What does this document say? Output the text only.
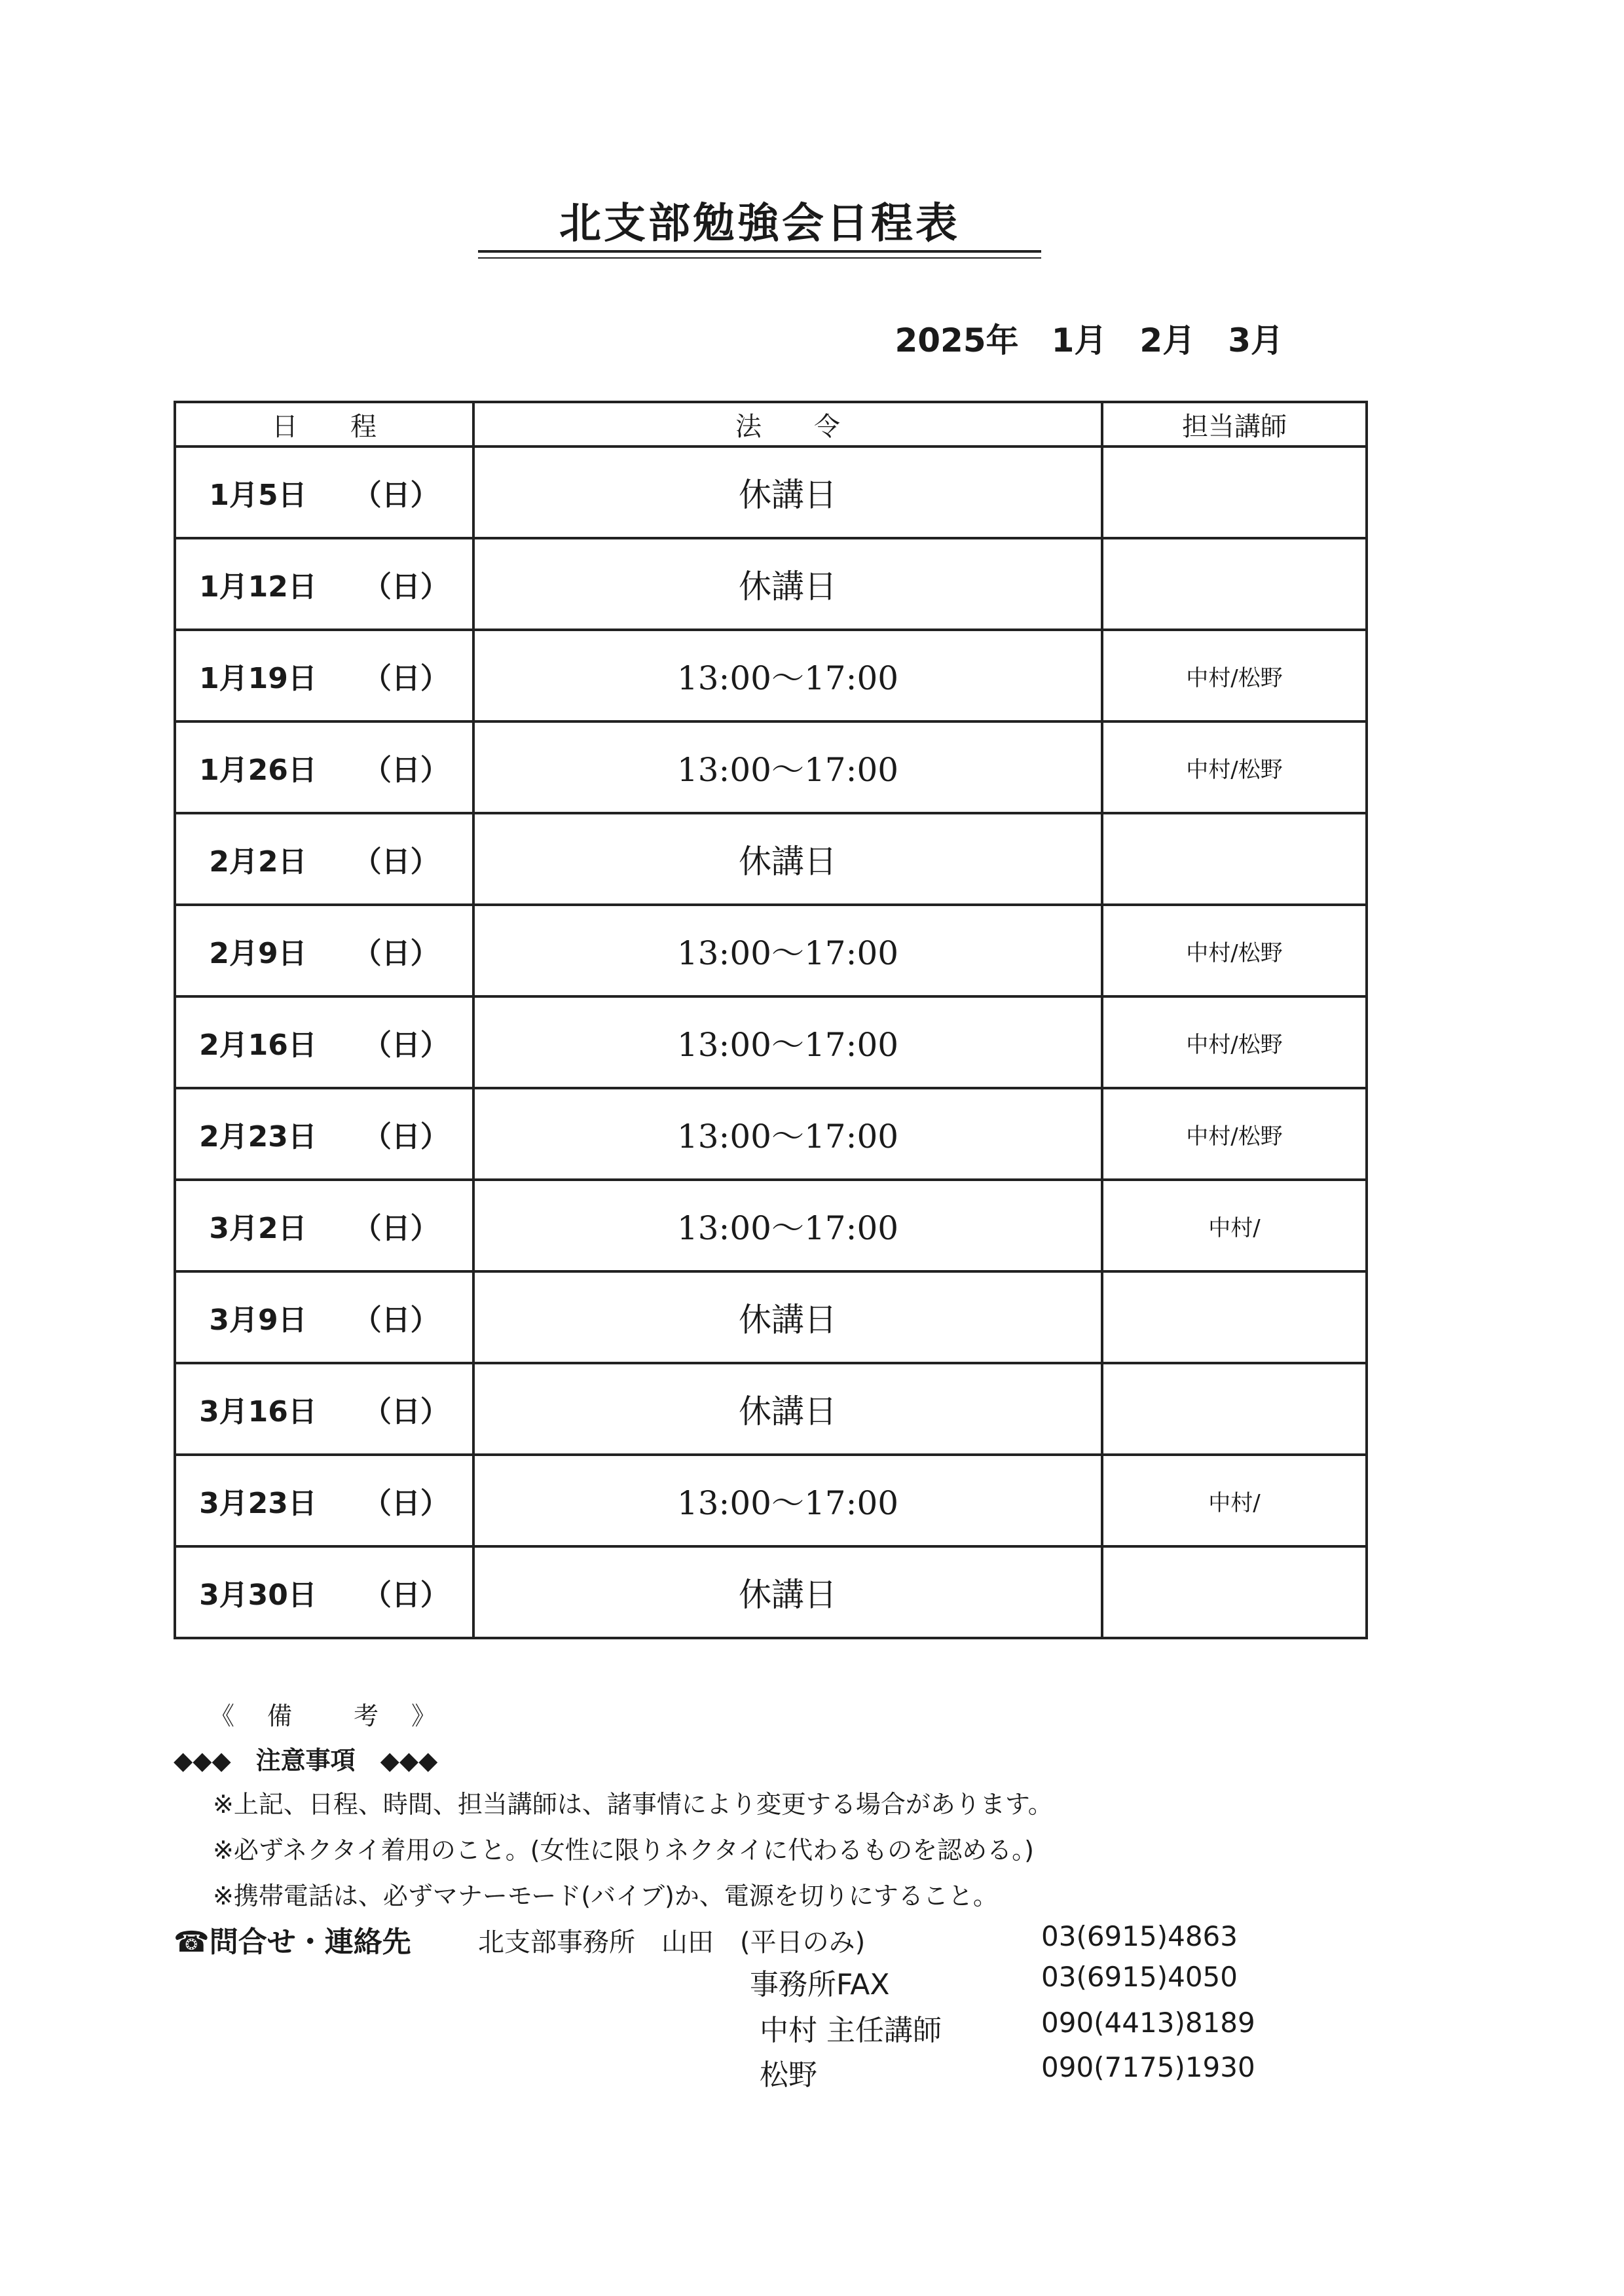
北支部勉強会日程表
2025年　1月　2月　3月
日　　程	法　　令	担当講師
1月5日 （日）	休講日	
1月12日 （日）	休講日	
1月19日 （日）	13:00～17:00	中村/松野
1月26日 （日）	13:00～17:00	中村/松野
2月2日 （日）	休講日	
2月9日 （日）	13:00～17:00	中村/松野
2月16日 （日）	13:00～17:00	中村/松野
2月23日 （日）	13:00～17:00	中村/松野
3月2日 （日）	13:00～17:00	中村/
3月9日 （日）	休講日	
3月16日 （日）	休講日	
3月23日 （日）	13:00～17:00	中村/
3月30日 （日）	休講日	
《　備　　考　》
◆◆◆　注意事項　◆◆◆
※上記、日程、時間、担当講師は、諸事情により変更する場合があります。
※必ずネクタイ着用のこと。(女性に限りネクタイに代わるものを認める。)
※携帯電話は、必ずマナーモード(バイブ)か、電源を切りにすること。
☎問合せ・連絡先	北支部事務所　山田　(平日のみ)	03(6915)4863
事務所FAX	03(6915)4050
中村 主任講師	090(4413)8189
松野	090(7175)1930
